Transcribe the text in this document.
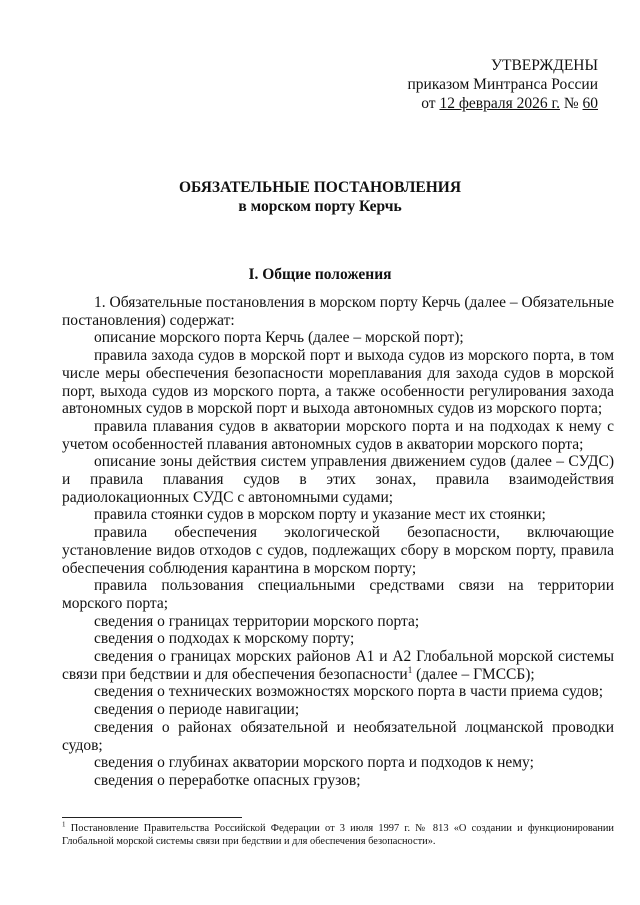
УТВЕРЖДЕНЫ
приказом Минтранса России
от 12 февраля 2026 г. № 60
ОБЯЗАТЕЛЬНЫЕ ПОСТАНОВЛЕНИЯ
в морском порту Керчь
I. Общие положения

1. Обязательные постановления в морском порту Керчь (далее – Обязательные постановления) содержат:

описание морского порта Керчь (далее – морской порт);

правила захода судов в морской порт и выхода судов из морского порта, в том числе меры обеспечения безопасности мореплавания для захода судов в морской порт, выхода судов из морского порта, а также особенности регулирования захода автономных судов в морской порт и выхода автономных судов из морского порта;

правила плавания судов в акватории морского порта и на подходах к нему с учетом особенностей плавания автономных судов в акватории морского порта;

описание зоны действия систем управления движением судов (далее – СУДС) и правила плавания судов в этих зонах, правила взаимодействия радиолокационных СУДС с автономными судами;

правила стоянки судов в морском порту и указание мест их стоянки;

правила обеспечения экологической безопасности, включающие установление видов отходов с судов, подлежащих сбору в морском порту, правила обеспечения соблюдения карантина в морском порту;

правила пользования специальными средствами связи на территории морского порта;

сведения о границах территории морского порта;

сведения о подходах к морскому порту;

сведения о границах морских районов А1 и А2 Глобальной морской системы связи при бедствии и для обеспечения безопасности$^1$ (далее – ГМССБ);

сведения о технических возможностях морского порта в части приема судов;

сведения о периоде навигации;

сведения о районах обязательной и необязательной лоцманской проводки судов;

сведения о глубинах акватории морского порта и подходов к нему;

сведения о переработке опасных грузов;

$^1$ Постановление Правительства Российской Федерации от 3 июля 1997 г. № 813 «О создании и функционировании Глобальной морской системы связи при бедствии и для обеспечения безопасности».
